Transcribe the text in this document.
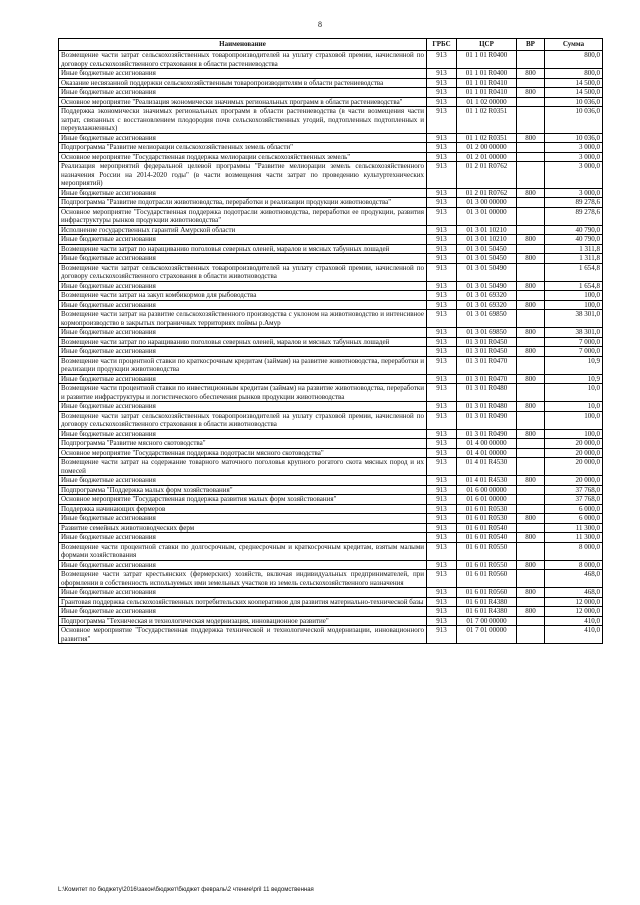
8
Наименование	ГРБС	ЦСР	ВР	Сумма
Возмещение части затрат сельскохозяйственных товаропроизводителей на уплату страховой премии, начисленной по договору сельскохозяйственного страхования в области растениеводства	913	01 1 01 R0400		800,0
Иные бюджетные ассигнования	913	01 1 01 R0400	800	800,0
Оказание несвязанной поддержки сельскохозяйственным товаропроизводителям в области растениеводства	913	01 1 01 R0410		14 500,0
Иные бюджетные ассигнования	913	01 1 01 R0410	800	14 500,0
Основное мероприятие "Реализация экономически значимых региональных программ в области растениеводства"	913	01 1 02 00000		10 036,0
Поддержка экономически значимых региональных программ в области растениеводства (в части возмещения части затрат, связанных с восстановлением плодородия почв сельскохозяйственных угодий, подтопленных подтопленных и переувлажненных)	913	01 1 02 R0351		10 036,0
Иные бюджетные ассигнования	913	01 1 02 R0351	800	10 036,0
Подпрограмма "Развитие мелиорации сельскохозяйственных земель области"	913	01 2 00 00000		3 000,0
Основное мероприятие "Государственная поддержка мелиорации сельскохозяйственных земель"	913	01 2 01 00000		3 000,0
Реализация мероприятий федеральной целевой программы "Развитие мелиорации земель сельскохозяйственного назначения России на 2014-2020 годы" (в части возмещения части затрат по проведению культуртехнических мероприятий)	913	01 2 01 R0762		3 000,0
Иные бюджетные ассигнования	913	01 2 01 R0762	800	3 000,0
Подпрограмма "Развитие подотрасли животноводства, переработки и реализации продукции животноводства"	913	01 3 00 00000		89 278,6
Основное мероприятие "Государственная поддержка подотрасли животноводства, переработки ее продукции, развития инфраструктуры рынков продукции животноводства"	913	01 3 01 00000		89 278,6
Исполнение государственных гарантий Амурской области	913	01 3 01 10210		40 790,0
Иные бюджетные ассигнования	913	01 3 01 10210	800	40 790,0
Возмещение части затрат по наращиванию поголовья северных оленей, маралов и мясных табунных лошадей	913	01 3 01 50450		1 311,8
Иные бюджетные ассигнования	913	01 3 01 50450	800	1 311,8
Возмещение части затрат сельскохозяйственных товаропроизводителей на уплату страховой премии, начисленной по договору сельскохозяйственного страхования в области животноводства	913	01 3 01 50490		1 654,8
Иные бюджетные ассигнования	913	01 3 01 50490	800	1 654,8
Возмещение части затрат на закуп комбикормов для рыбоводства	913	01 3 01 69320		100,0
Иные бюджетные ассигнования	913	01 3 01 69320	800	100,0
Возмещение части затрат на развитие сельскохозяйственного производства с уклоном на животноводство и интенсивное кормопроизводство в закрытых пограничных территориях поймы р.Амур	913	01 3 01 69850		38 301,0
Иные бюджетные ассигнования	913	01 3 01 69850	800	38 301,0
Возмещение части затрат по наращиванию поголовья северных оленей, маралов и мясных табунных лошадей	913	01 3 01 R0450		7 000,0
Иные бюджетные ассигнования	913	01 3 01 R0450	800	7 000,0
Возмещение части процентной ставки по краткосрочным кредитам (займам) на развитие животноводства, переработки и реализации продукции животноводства	913	01 3 01 R0470		10,9
Иные бюджетные ассигнования	913	01 3 01 R0470	800	10,9
Возмещение части процентной ставки по инвестиционным кредитам (займам) на развитие животноводства, переработки и развитие инфраструктуры и логистического обеспечения рынков продукции животноводства	913	01 3 01 R0480		10,0
Иные бюджетные ассигнования	913	01 3 01 R0480	800	10,0
Возмещение части затрат сельскохозяйственных товаропроизводителей на уплату страховой премии, начисленной по договору сельскохозяйственного страхования в области животноводства	913	01 3 01 R0490		100,0
Иные бюджетные ассигнования	913	01 3 01 R0490	800	100,0
Подпрограмма "Развитие мясного скотоводства"	913	01 4 00 00000		20 000,0
Основное мероприятие "Государственная поддержка подотрасли мясного скотоводства"	913	01 4 01 00000		20 000,0
Возмещение части затрат на содержание товарного маточного поголовья крупного рогатого скота мясных пород и их помесей	913	01 4 01 R4530		20 000,0
Иные бюджетные ассигнования	913	01 4 01 R4530	800	20 000,0
Подпрограмма "Поддержка малых форм хозяйствования"	913	01 6 00 00000		37 768,0
Основное мероприятие "Государственная поддержка развития малых форм хозяйствования"	913	01 6 01 00000		37 768,0
Поддержка начинающих фермеров	913	01 6 01 R0530		6 000,0
Иные бюджетные ассигнования	913	01 6 01 R0530	800	6 000,0
Развитие семейных животноводческих ферм	913	01 6 01 R0540		11 300,0
Иные бюджетные ассигнования	913	01 6 01 R0540	800	11 300,0
Возмещение части процентной ставки по долгосрочным, среднесрочным и краткосрочным кредитам, взятым малыми формами хозяйствования	913	01 6 01 R0550		8 000,0
Иные бюджетные ассигнования	913	01 6 01 R0550	800	8 000,0
Возмещение части затрат крестьянских (фермерских) хозяйств, включая индивидуальных предпринимателей, при оформлении в собственность используемых ими земельных участков из земель сельскохозяйственного назначения	913	01 6 01 R0560		468,0
Иные бюджетные ассигнования	913	01 6 01 R0560	800	468,0
Грантовая поддержка сельскохозяйственных потребительских кооперативов для развития материально-технической базы	913	01 6 01 R4380		12 000,0
Иные бюджетные ассигнования	913	01 6 01 R4380	800	12 000,0
Подпрограмма "Техническая и технологическая модернизация, инновационное развитие"	913	01 7 00 00000		410,0
Основное мероприятие "Государственная поддержка технической и технологической модернизации, инновационного развития"	913	01 7 01 00000		410,0
L:\Комитет по бюджету\2016\закон\бюджет\бюджет февраль\2 чтение\pril 11 ведомственная
